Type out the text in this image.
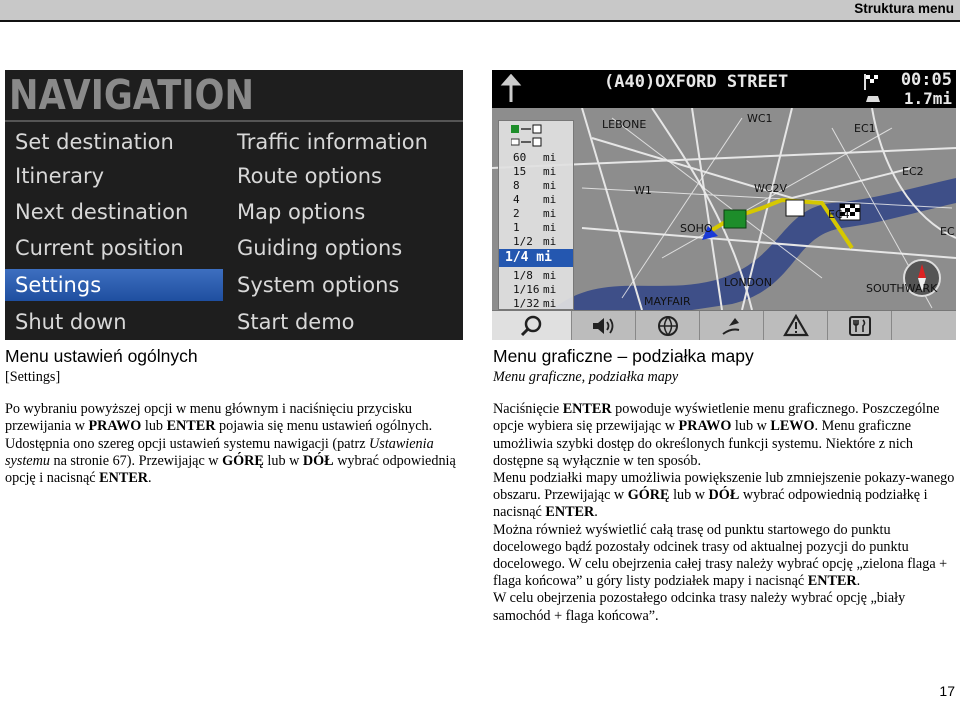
Struktura menu
NAVIGATION
Set destination
Itinerary
Next destination
Current position
Settings
Shut down
Traffic information
Route options
Map options
Guiding options
System options
Start demo
(A40)OXFORD STREET	00:05
1.7mi
LEBONE	WC1
EC1
WC2V
W1
EC2
EC4
SOHO
LONDON
MAYFAIR
SOUTHWARK
EC
60 mi
15 mi
8 mi
4 mi
2 mi
1 mi
1/2 mi
1/4 mi
1/8 mi
1/16 mi
1/32 mi
Menu ustawień ogólnych

[Settings]

Po wybraniu powyższej opcji w menu głównym i naciśnięciu przycisku przewijania w PRAWO lub ENTER pojawia się menu ustawień ogólnych.

Udostępnia ono szereg opcji ustawień systemu nawigacji (patrz Ustawienia systemu na stronie 67). Przewijając w GÓRĘ lub w DÓŁ wybrać odpowiednią opcję i nacisnąć ENTER.

Menu graficzne – podziałka mapy

Menu graficzne, podziałka mapy

Naciśnięcie ENTER powoduje wyświetlenie menu graficznego. Poszczególne opcje wybiera się przewijając w PRAWO lub w LEWO. Menu graficzne umożliwia szybki dostęp do określonych funkcji systemu. Niektóre z nich dostępne są wyłącznie w ten sposób.

Menu podziałki mapy umożliwia powiększenie lub zmniejszenie pokazy-wanego obszaru. Przewijając w GÓRĘ lub w DÓŁ wybrać odpowiednią podziałkę i nacisnąć ENTER.

Można również wyświetlić całą trasę od punktu startowego do punktu docelowego bądź pozostały odcinek trasy od aktualnej pozycji do punktu docelowego. W celu obejrzenia całej trasy należy wybrać opcję „zielona flaga + flaga końcowa” u góry listy podziałek mapy i nacisnąć ENTER.

W celu obejrzenia pozostałego odcinka trasy należy wybrać opcję „biały samochód + flaga końcowa”.

17
